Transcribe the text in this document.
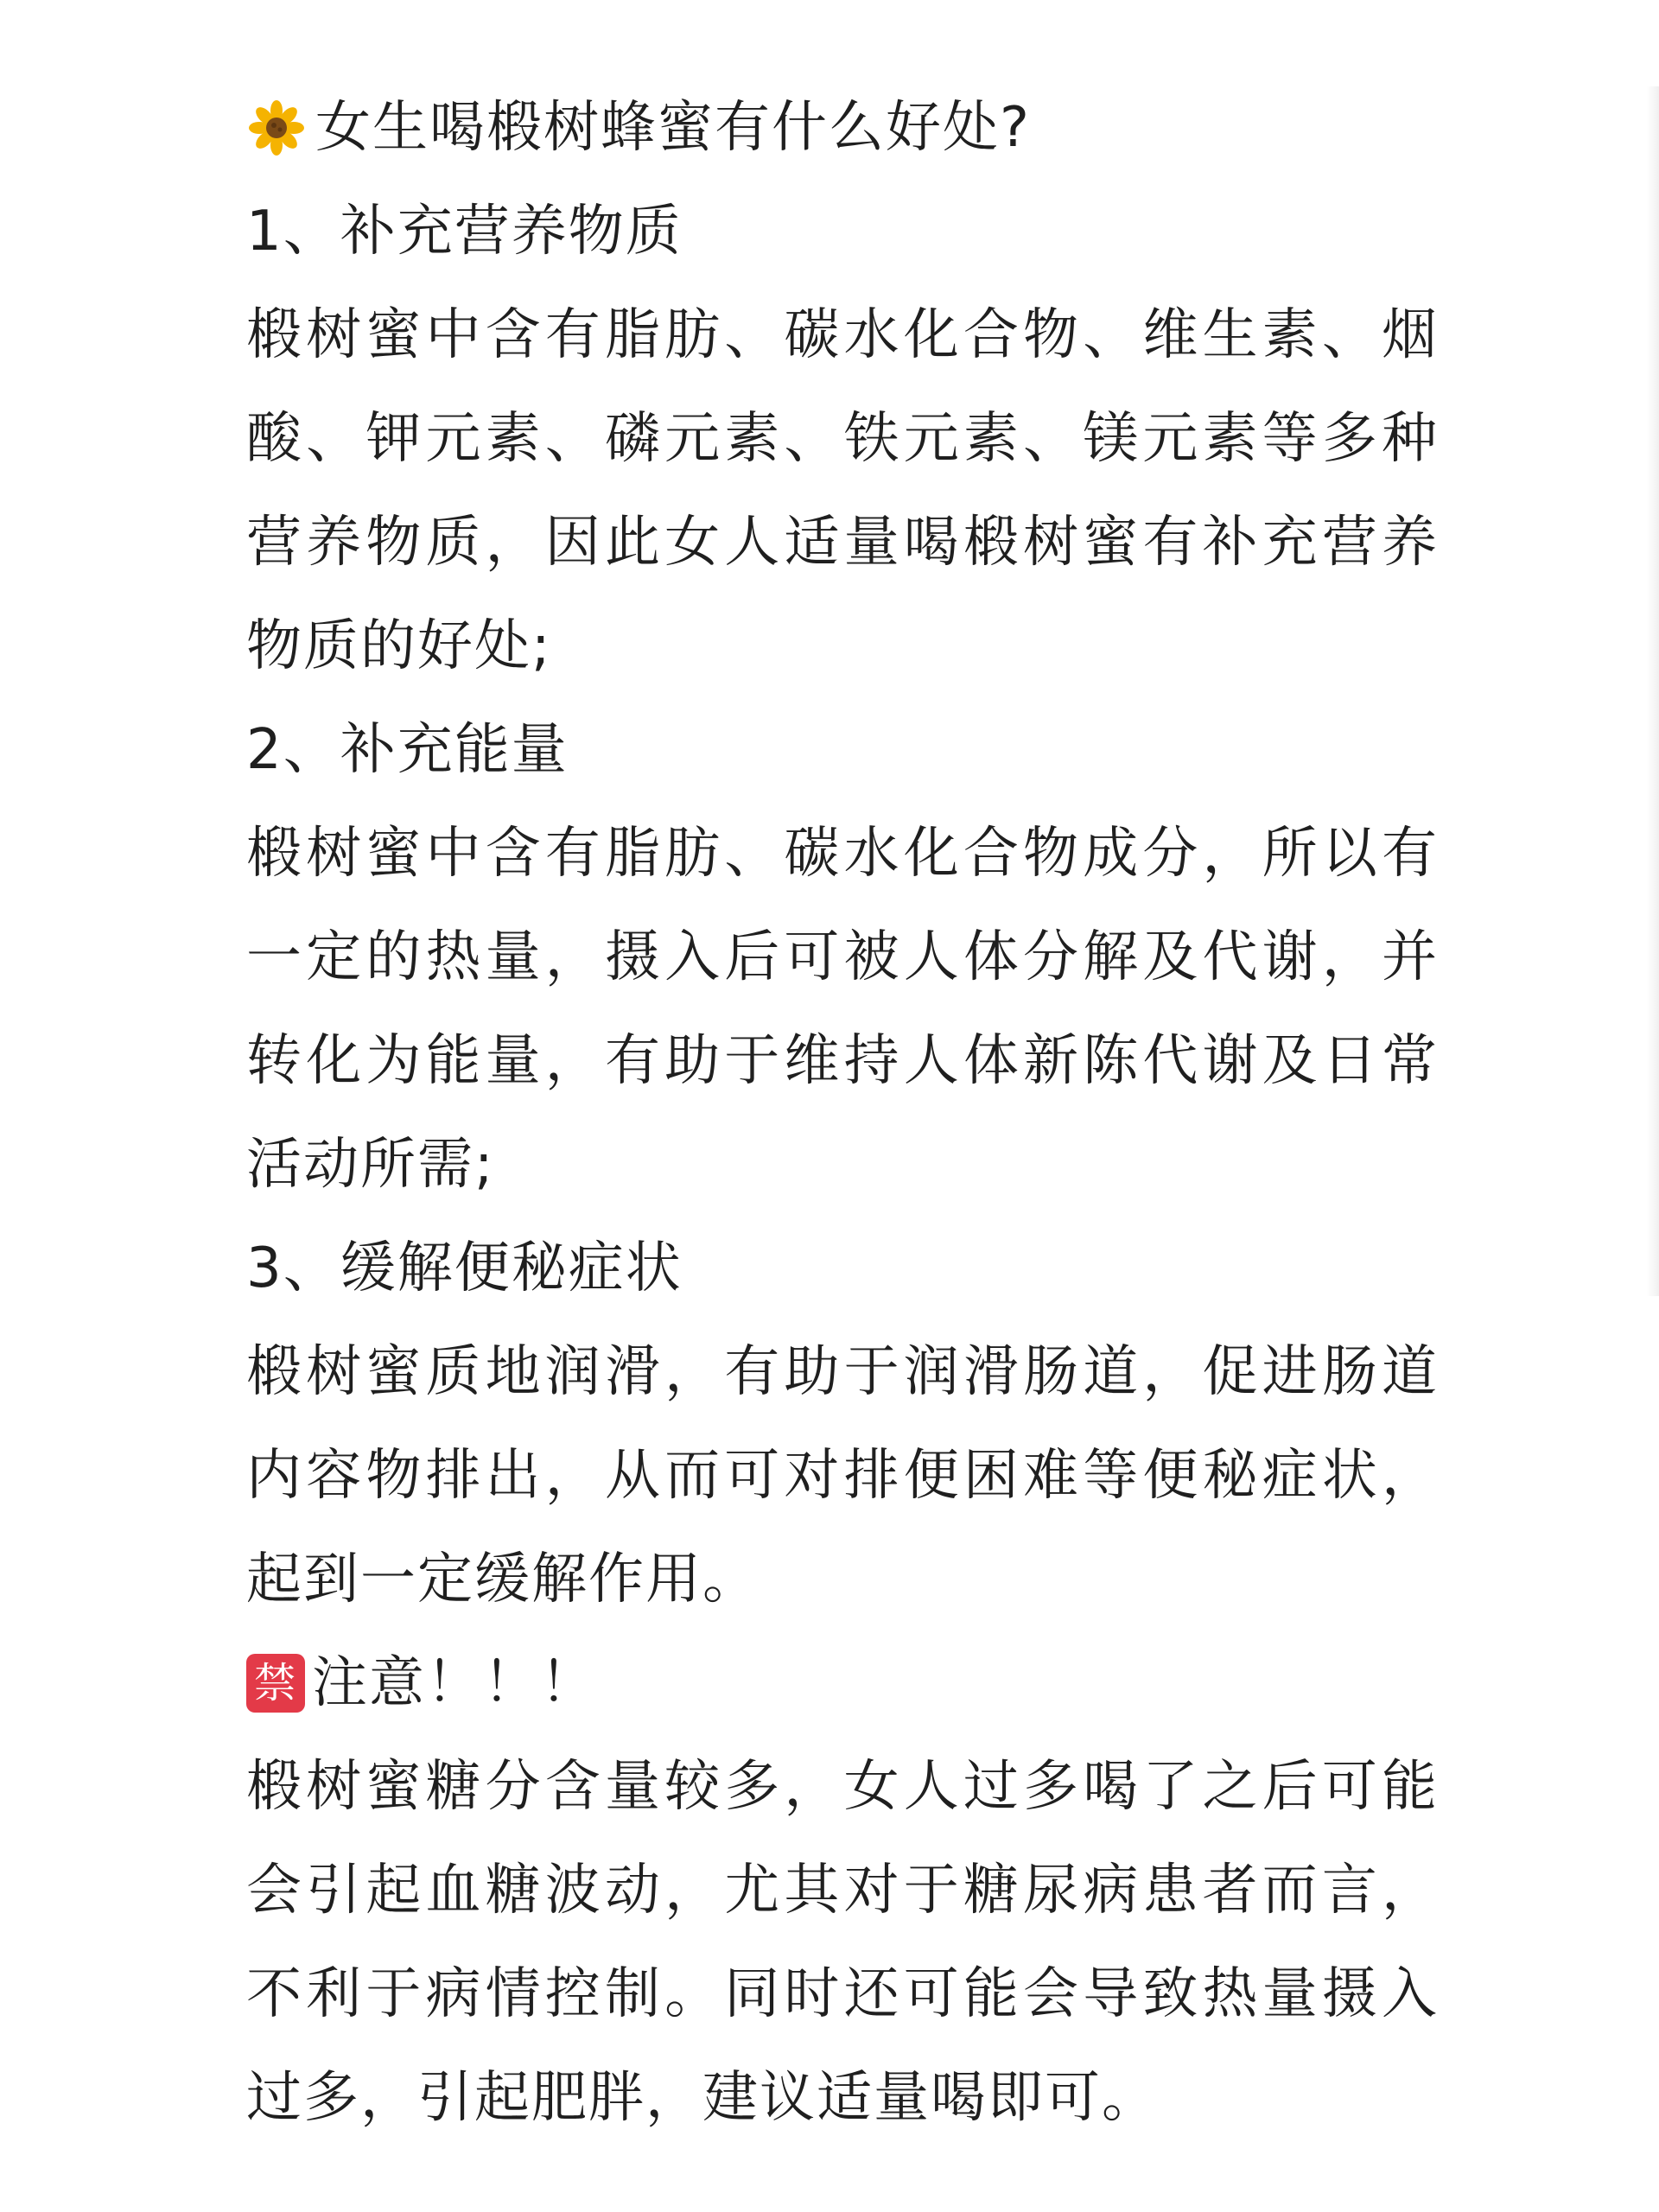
女生喝椴树蜂蜜有什么好处?

1、补充营养物质

椴树蜜中含有脂肪、碳水化合物、维生素、烟酸、钾元素、磷元素、铁元素、镁元素等多种营养物质，因此女人适量喝椴树蜜有补充营养物质的好处;

2、补充能量

椴树蜜中含有脂肪、碳水化合物成分，所以有一定的热量，摄入后可被人体分解及代谢，并转化为能量，有助于维持人体新陈代谢及日常活动所需;

3、缓解便秘症状

椴树蜜质地润滑，有助于润滑肠道，促进肠道内容物排出，从而可对排便困难等便秘症状，起到一定缓解作用。

禁 注意！！！

椴树蜜糖分含量较多，女人过多喝了之后可能会引起血糖波动，尤其对于糖尿病患者而言，不利于病情控制。同时还可能会导致热量摄入过多，引起肥胖，建议适量喝即可。
